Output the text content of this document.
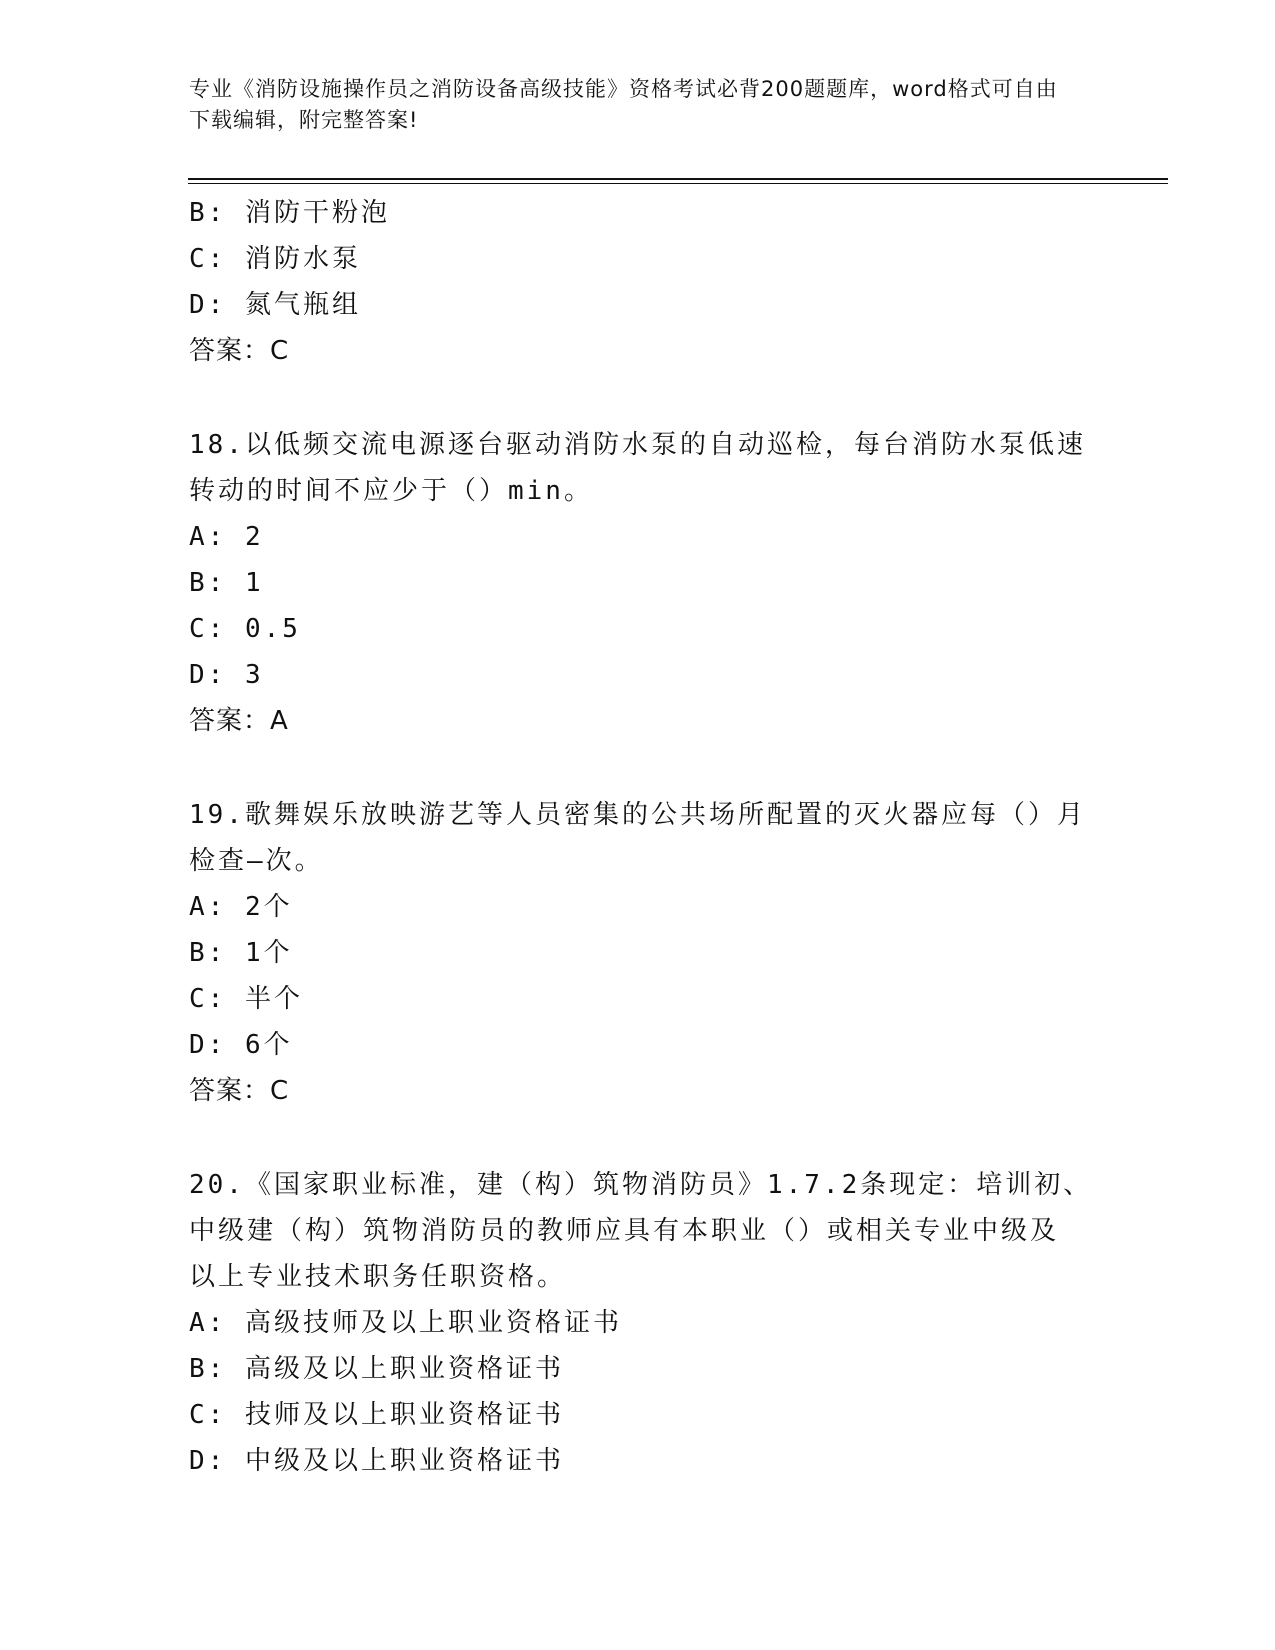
专业《消防设施操作员之消防设备高级技能》资格考试必背200题题库，word格式可自由下载编辑，附完整答案!
B: 消防干粉泡
C: 消防水泵
D: 氮气瓶组
答案：C
18.以低频交流电源逐台驱动消防水泵的自动巡检，每台消防水泵低速
转动的时间不应少于（）min。
A: 2
B: 1
C: 0.5
D: 3
答案：A
19.歌舞娱乐放映游艺等人员密集的公共场所配置的灭火器应每（）月
检查—次。
A: 2个
B: 1个
C: 半个
D: 6个
答案：C
20.《国家职业标准，建（构）筑物消防员》1.7.2条现定：培训初、
中级建（构）筑物消防员的教师应具有本职业（）或相关专业中级及
以上专业技术职务任职资格。
A: 高级技师及以上职业资格证书
B: 高级及以上职业资格证书
C: 技师及以上职业资格证书
D: 中级及以上职业资格证书
